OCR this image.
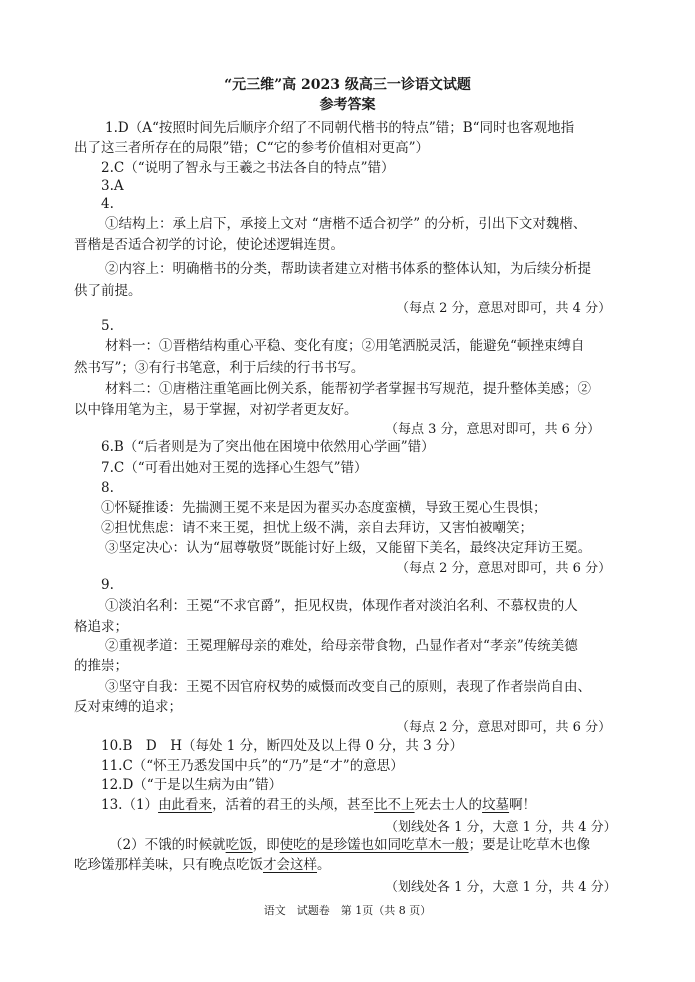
“元三维”高 2023 级高三一诊语文试题
参考答案
1.D（A“按照时间先后顺序介绍了不同朝代楷书的特点”错；B“同时也客观地指
出了这三者所存在的局限”错；C“它的参考价值相对更高”）
2.C（“说明了智永与王羲之书法各自的特点”错）
3.A
4.
①结构上：承上启下，承接上文对 “唐楷不适合初学” 的分析，引出下文对魏楷、
晋楷是否适合初学的讨论，使论述逻辑连贯。
②内容上：明确楷书的分类，帮助读者建立对楷书体系的整体认知，为后续分析提
供了前提。
（每点 2 分，意思对即可，共 4 分）
5.
材料一：①晋楷结构重心平稳、变化有度；②用笔洒脱灵活，能避免“顿挫束缚自
然书写”；③有行书笔意，利于后续的行书书写。
材料二：①唐楷注重笔画比例关系，能帮初学者掌握书写规范，提升整体美感；②
以中锋用笔为主，易于掌握，对初学者更友好。
（每点 3 分，意思对即可，共 6 分）
6.B（“后者则是为了突出他在困境中依然用心学画”错）
7.C（“可看出她对王冕的选择心生怨气”错）
8.
①怀疑推诿：先揣测王冕不来是因为翟买办态度蛮横，导致王冕心生畏惧；
②担忧焦虑：请不来王冕，担忧上级不满，亲自去拜访，又害怕被嘲笑；
③坚定决心：认为“屈尊敬贤”既能讨好上级，又能留下美名，最终决定拜访王冕。
（每点 2 分，意思对即可，共 6 分）
9.
①淡泊名利：王冕“不求官爵”，拒见权贵，体现作者对淡泊名利、不慕权贵的人
格追求；
②重视孝道：王冕理解母亲的难处，给母亲带食物，凸显作者对“孝亲”传统美德
的推崇；
③坚守自我：王冕不因官府权势的威慑而改变自己的原则，表现了作者崇尚自由、
反对束缚的追求；
（每点 2 分，意思对即可，共 6 分）
10.B　D　H（每处 1 分，断四处及以上得 0 分，共 3 分）
11.C（“怀王乃悉发国中兵”的“乃”是“才”的意思）
12.D（“于是以生病为由”错）
13.（1）由此看来，活着的君王的头颅，甚至比不上死去士人的坟墓啊！
（划线处各 1 分，大意 1 分，共 4 分）
（2）不饿的时候就吃饭，即使吃的是珍馐也如同吃草木一般；要是让吃草木也像
吃珍馐那样美味，只有晚点吃饭才会这样。
（划线处各 1 分，大意 1 分，共 4 分）
语文　试题卷　第 1页（共 8 页）
